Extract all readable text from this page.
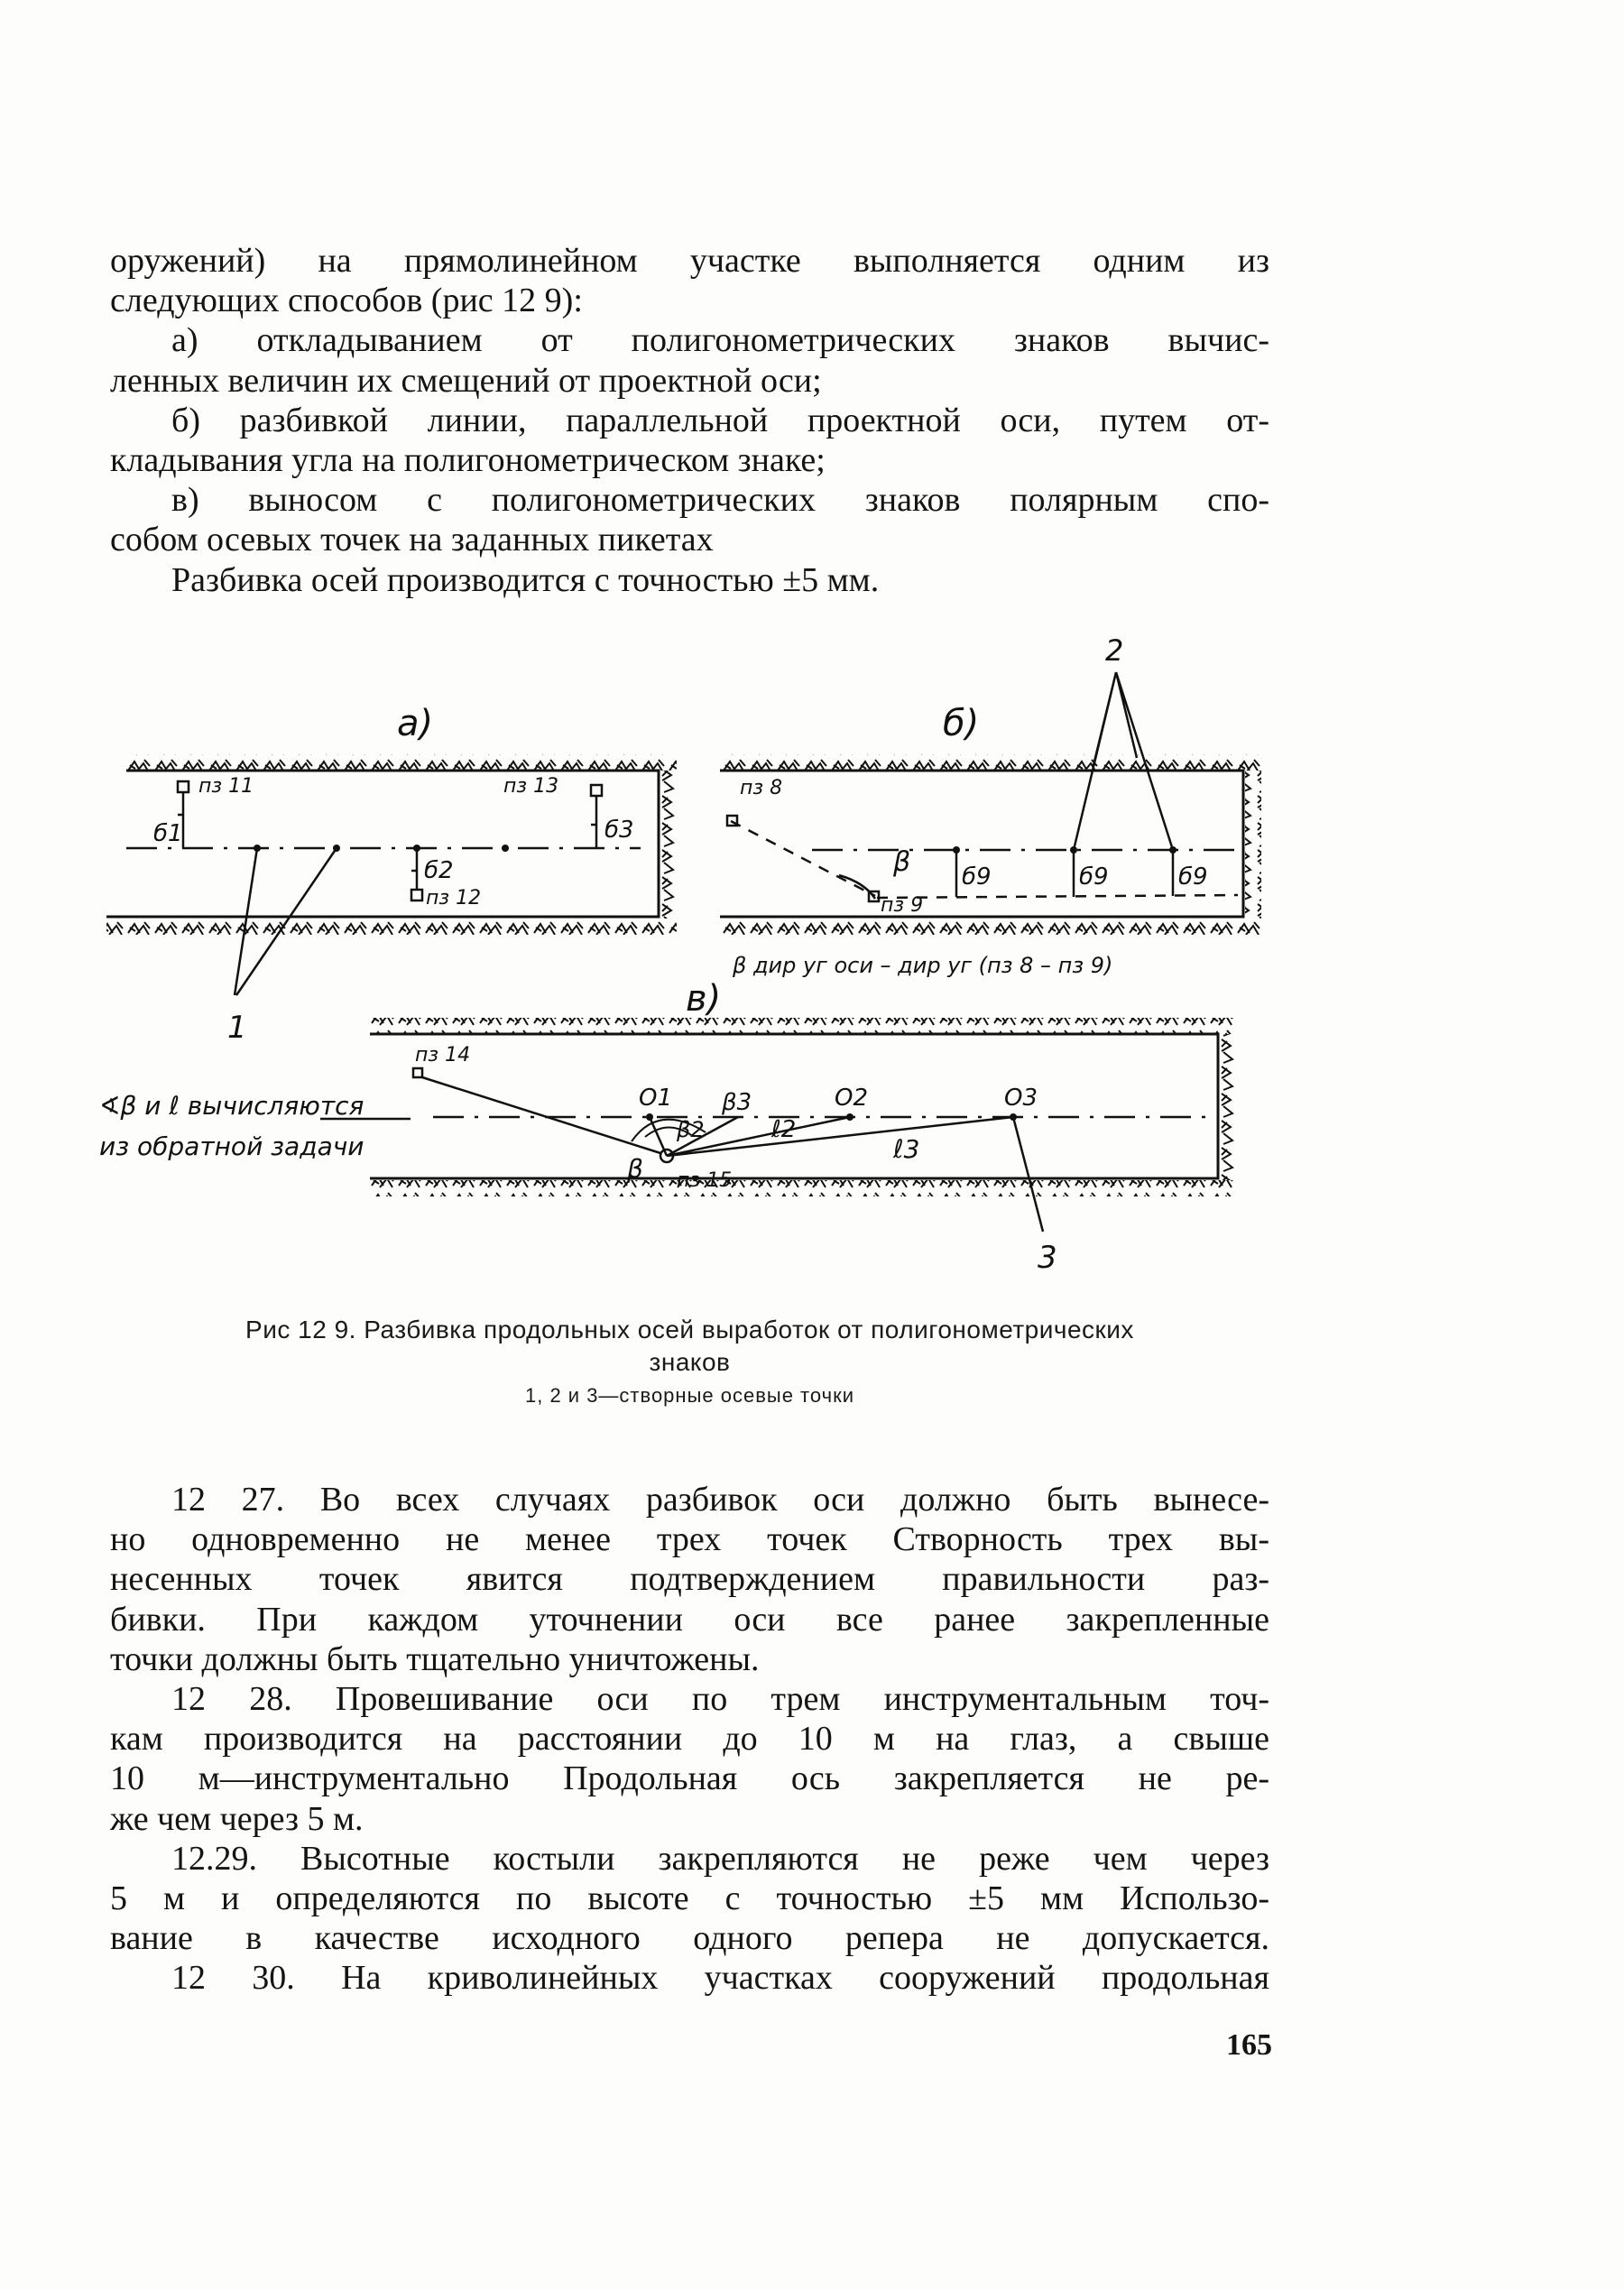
оружений) на прямолинейном участке выполняется одним из
следующих способов (рис 12 9):
а) откладыванием от полигонометрических знаков вычис-
ленных величин их смещений от проектной оси;
б) разбивкой линии, параллельной проектной оси, путем от-
кладывания угла на полигонометрическом знаке;
в) выносом с полигонометрических знаков полярным спо-
собом осевых точек на заданных пикетах
Разбивка осей производится с точностью ±5 мм.
а)
пз 11	пз 13
пз 12
б1
б2
б3
1
б)
2
пз 8
пз 9
β б9	б9	б9
β дир уг оси – дир уг (пз 8 – пз 9)
в)
пз 14
пз 15
O1	O2	O3
β3
β2
β
ℓ2
ℓ3
∢β и ℓ вычисляются
из обратной задачи
3
Рис 12 9. Разбивка продольных осей выработок от полигонометрических
знаков
1, 2 и 3—створные осевые точки
12 27. Во всех случаях разбивок оси должно быть вынесе-
но одновременно не менее трех точек Створность трех вы-
несенных точек явится подтверждением правильности раз-
бивки. При каждом уточнении оси все ранее закрепленные
точки должны быть тщательно уничтожены.
12 28. Провешивание оси по трем инструментальным точ-
кам производится на расстоянии до 10 м на глаз, а свыше
10 м—инструментально Продольная ось закрепляется не ре-
же чем через 5 м.
12.29. Высотные костыли закрепляются не реже чем через
5 м и определяются по высоте с точностью ±5 мм Использо-
вание в качестве исходного одного репера не допускается.
12 30. На криволинейных участках сооружений продольная
165
